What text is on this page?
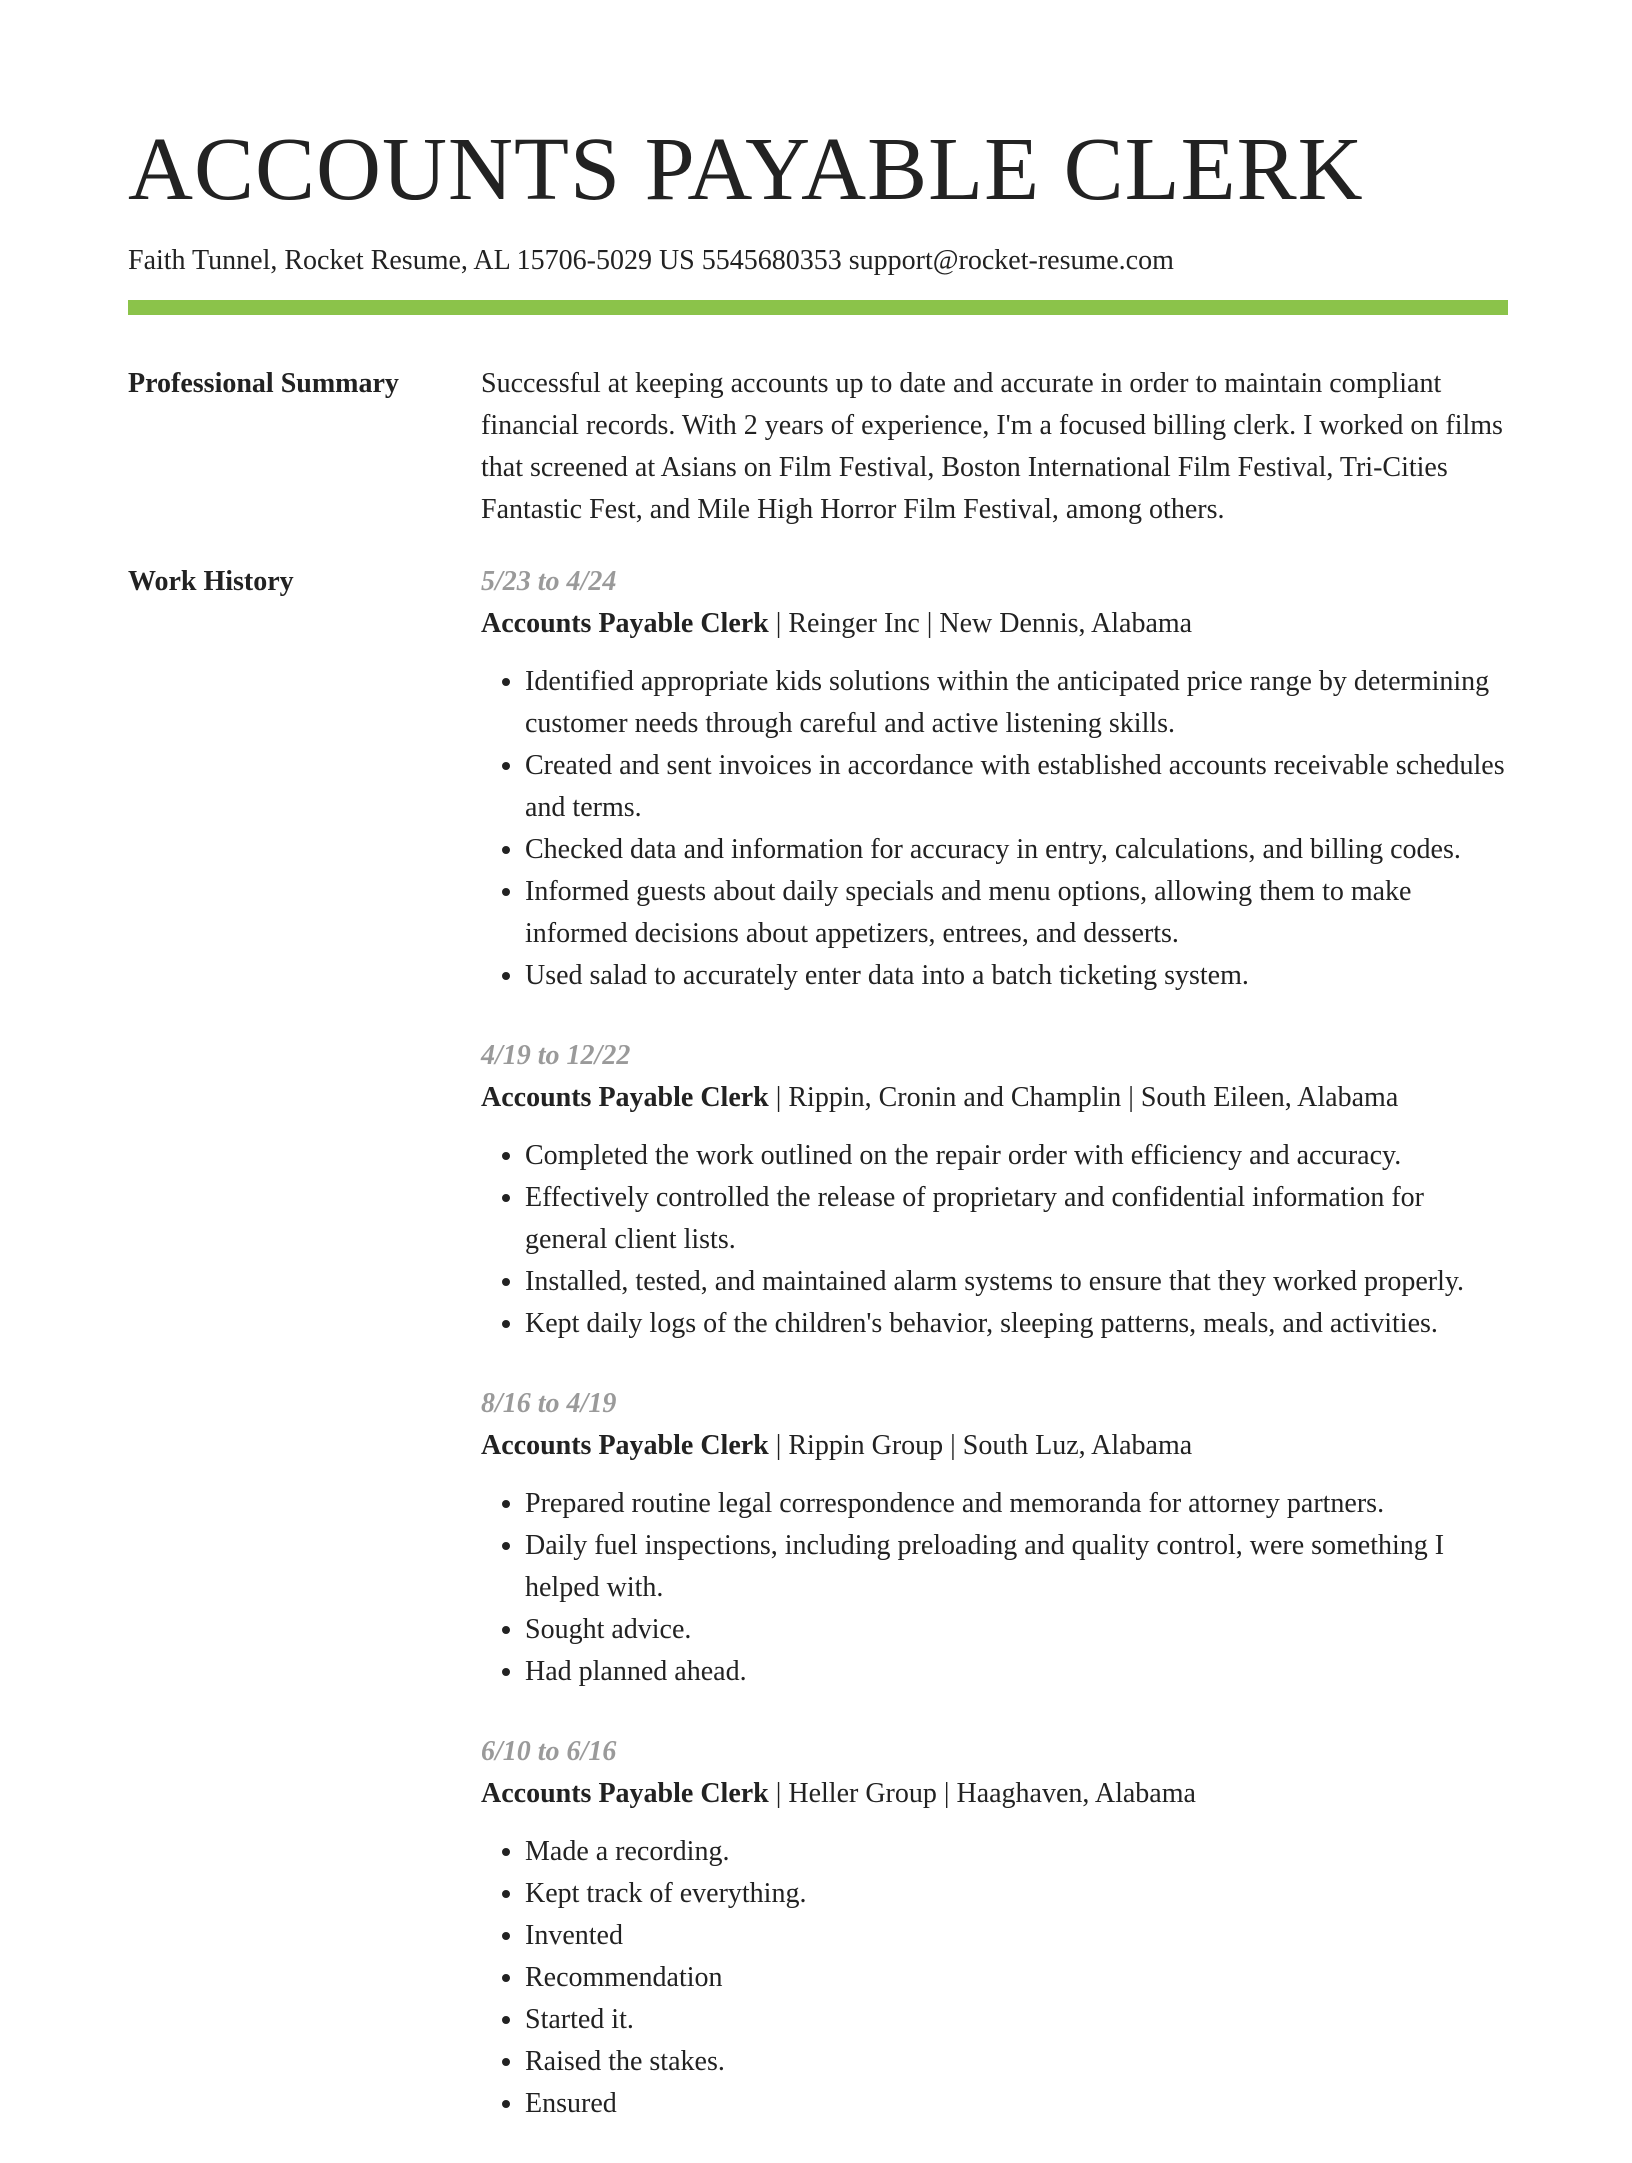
ACCOUNTS PAYABLE CLERK
Faith Tunnel, Rocket Resume, AL 15706-5029 US 5545680353 support@rocket-resume.com
Professional Summary	Successful at keeping accounts up to date and accurate in order to maintain compliant financial records. With 2 years of experience, I'm a focused billing clerk. I worked on films that screened at Asians on Film Festival, Boston International Film Festival, Tri-Cities Fantastic Fest, and Mile High Horror Film Festival, among others.

Work History	5/23 to 4/24
Accounts Payable Clerk | Reinger Inc | New Dennis, Alabama
• Identified appropriate kids solutions within the anticipated price range by determining customer needs through careful and active listening skills.
• Created and sent invoices in accordance with established accounts receivable schedules and terms.
• Checked data and information for accuracy in entry, calculations, and billing codes.
• Informed guests about daily specials and menu options, allowing them to make informed decisions about appetizers, entrees, and desserts.
• Used salad to accurately enter data into a batch ticketing system.
4/19 to 12/22
Accounts Payable Clerk | Rippin, Cronin and Champlin | South Eileen, Alabama
• Completed the work outlined on the repair order with efficiency and accuracy.
• Effectively controlled the release of proprietary and confidential information for general client lists.
• Installed, tested, and maintained alarm systems to ensure that they worked properly.
• Kept daily logs of the children's behavior, sleeping patterns, meals, and activities.
8/16 to 4/19
Accounts Payable Clerk | Rippin Group | South Luz, Alabama
• Prepared routine legal correspondence and memoranda for attorney partners.
• Daily fuel inspections, including preloading and quality control, were something I helped with.
• Sought advice.
• Had planned ahead.
6/10 to 6/16
Accounts Payable Clerk | Heller Group | Haaghaven, Alabama
• Made a recording.
• Kept track of everything.
• Invented
• Recommendation
• Started it.
• Raised the stakes.
• Ensured
